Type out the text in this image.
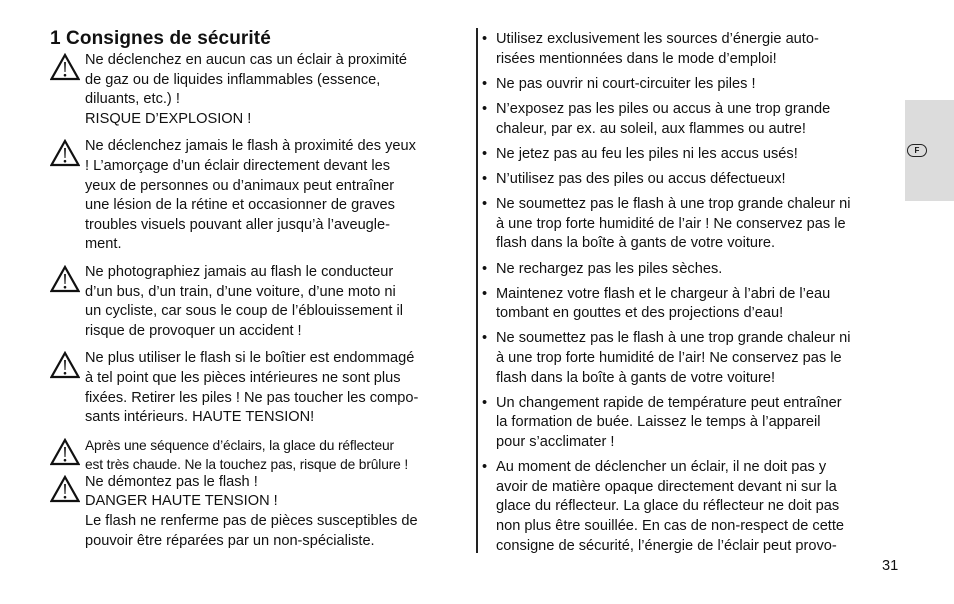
1 Consignes de sécurité
Ne déclenchez en aucun cas un éclair à proximité
de gaz ou de liquides inflammables (essence,
diluants, etc.) !
RISQUE D’EXPLOSION !
Ne déclenchez jamais le flash à proximité des yeux
! L’amorçage d’un éclair directement devant les
yeux de personnes ou d’animaux peut entraîner
une lésion de la rétine et occasionner de graves
troubles visuels pouvant aller jusqu’à l’aveugle-
ment.
Ne photographiez jamais au flash le conducteur
d’un bus, d’un train, d’une voiture, d’une moto ni
un cycliste, car sous le coup de l’éblouissement il
risque de provoquer un accident !
Ne plus utiliser le flash si le boîtier est endommagé
à tel point que les pièces intérieures ne sont plus
fixées. Retirer les piles ! Ne pas toucher les compo-
sants intérieurs. HAUTE TENSION!
Après une séquence d’éclairs, la glace du réflecteur
est très chaude. Ne la touchez pas, risque de brûlure !
Ne démontez pas le flash !
DANGER HAUTE TENSION !
Le flash ne renferme pas de pièces susceptibles de
pouvoir être réparées par un non-spécialiste.
• Utilisez exclusivement les sources d’énergie auto-
risées mentionnées dans le mode d’emploi!
• Ne pas ouvrir ni court-circuiter les piles !
• N’exposez pas les piles ou accus à une trop grande
chaleur, par ex. au soleil, aux flammes ou autre!
• Ne jetez pas au feu les piles ni les accus usés!
• N’utilisez pas des piles ou accus défectueux!
• Ne soumettez pas le flash à une trop grande chaleur ni
à une trop forte humidité de l’air ! Ne conservez pas le
flash dans la boîte à gants de votre voiture.
• Ne rechargez pas les piles sèches.
• Maintenez votre flash et le chargeur à l’abri de l’eau
tombant en gouttes et des projections d’eau!
• Ne soumettez pas le flash à une trop grande chaleur ni
à une trop forte humidité de l’air! Ne conservez pas le
flash dans la boîte à gants de votre voiture!
• Un changement rapide de température peut entraîner
la formation de buée. Laissez le temps à l’appareil
pour s’acclimater !
• Au moment de déclencher un éclair, il ne doit pas y
avoir de matière opaque directement devant ni sur la
glace du réflecteur. La glace du réflecteur ne doit pas
non plus être souillée. En cas de non-respect de cette
consigne de sécurité, l’énergie de l’éclair peut provo-
F
31
